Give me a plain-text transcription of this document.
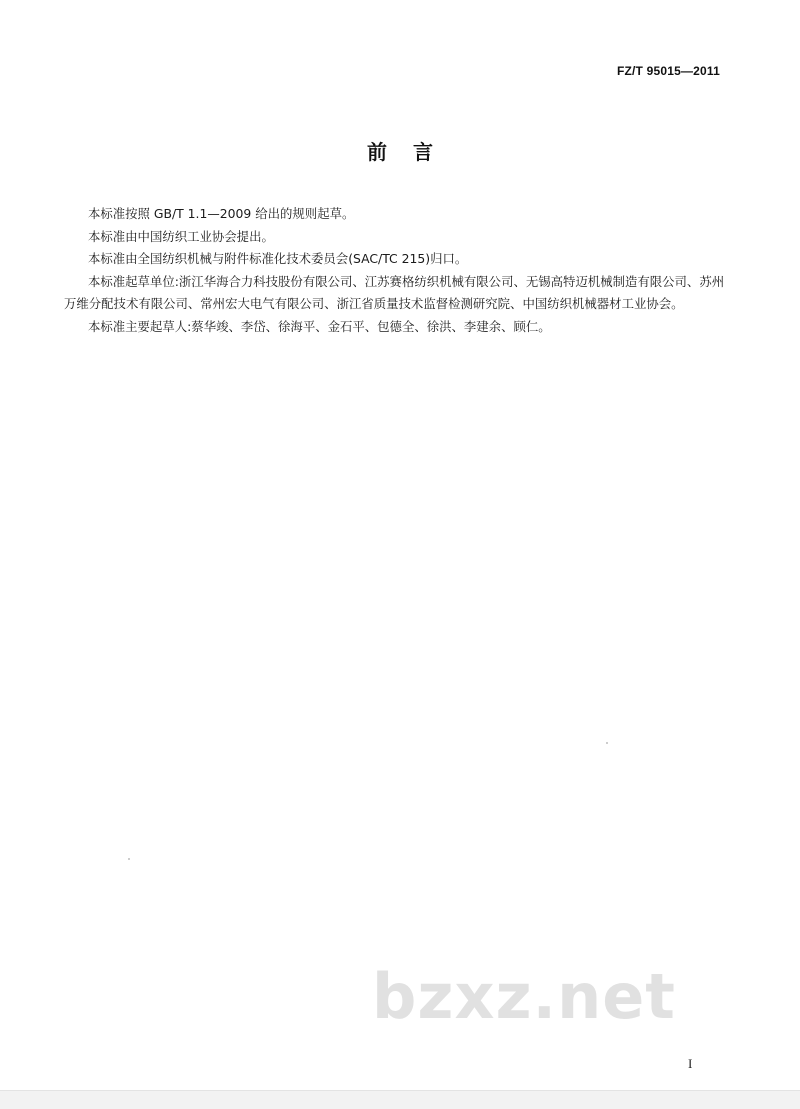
FZ/T 95015—2011
前 言

本标准按照 GB/T 1.1—2009 给出的规则起草。

本标准由中国纺织工业协会提出。

本标准由全国纺织机械与附件标准化技术委员会(SAC/TC 215)归口。

本标准起草单位:浙江华海合力科技股份有限公司、江苏赛格纺织机械有限公司、无锡高特迈机械制造有限公司、苏州万维分配技术有限公司、常州宏大电气有限公司、浙江省质量技术监督检测研究院、中国纺织机械器材工业协会。

本标准主要起草人:蔡华竣、李岱、徐海平、金石平、包德全、徐洪、李建余、顾仁。

bzxz.net
I
